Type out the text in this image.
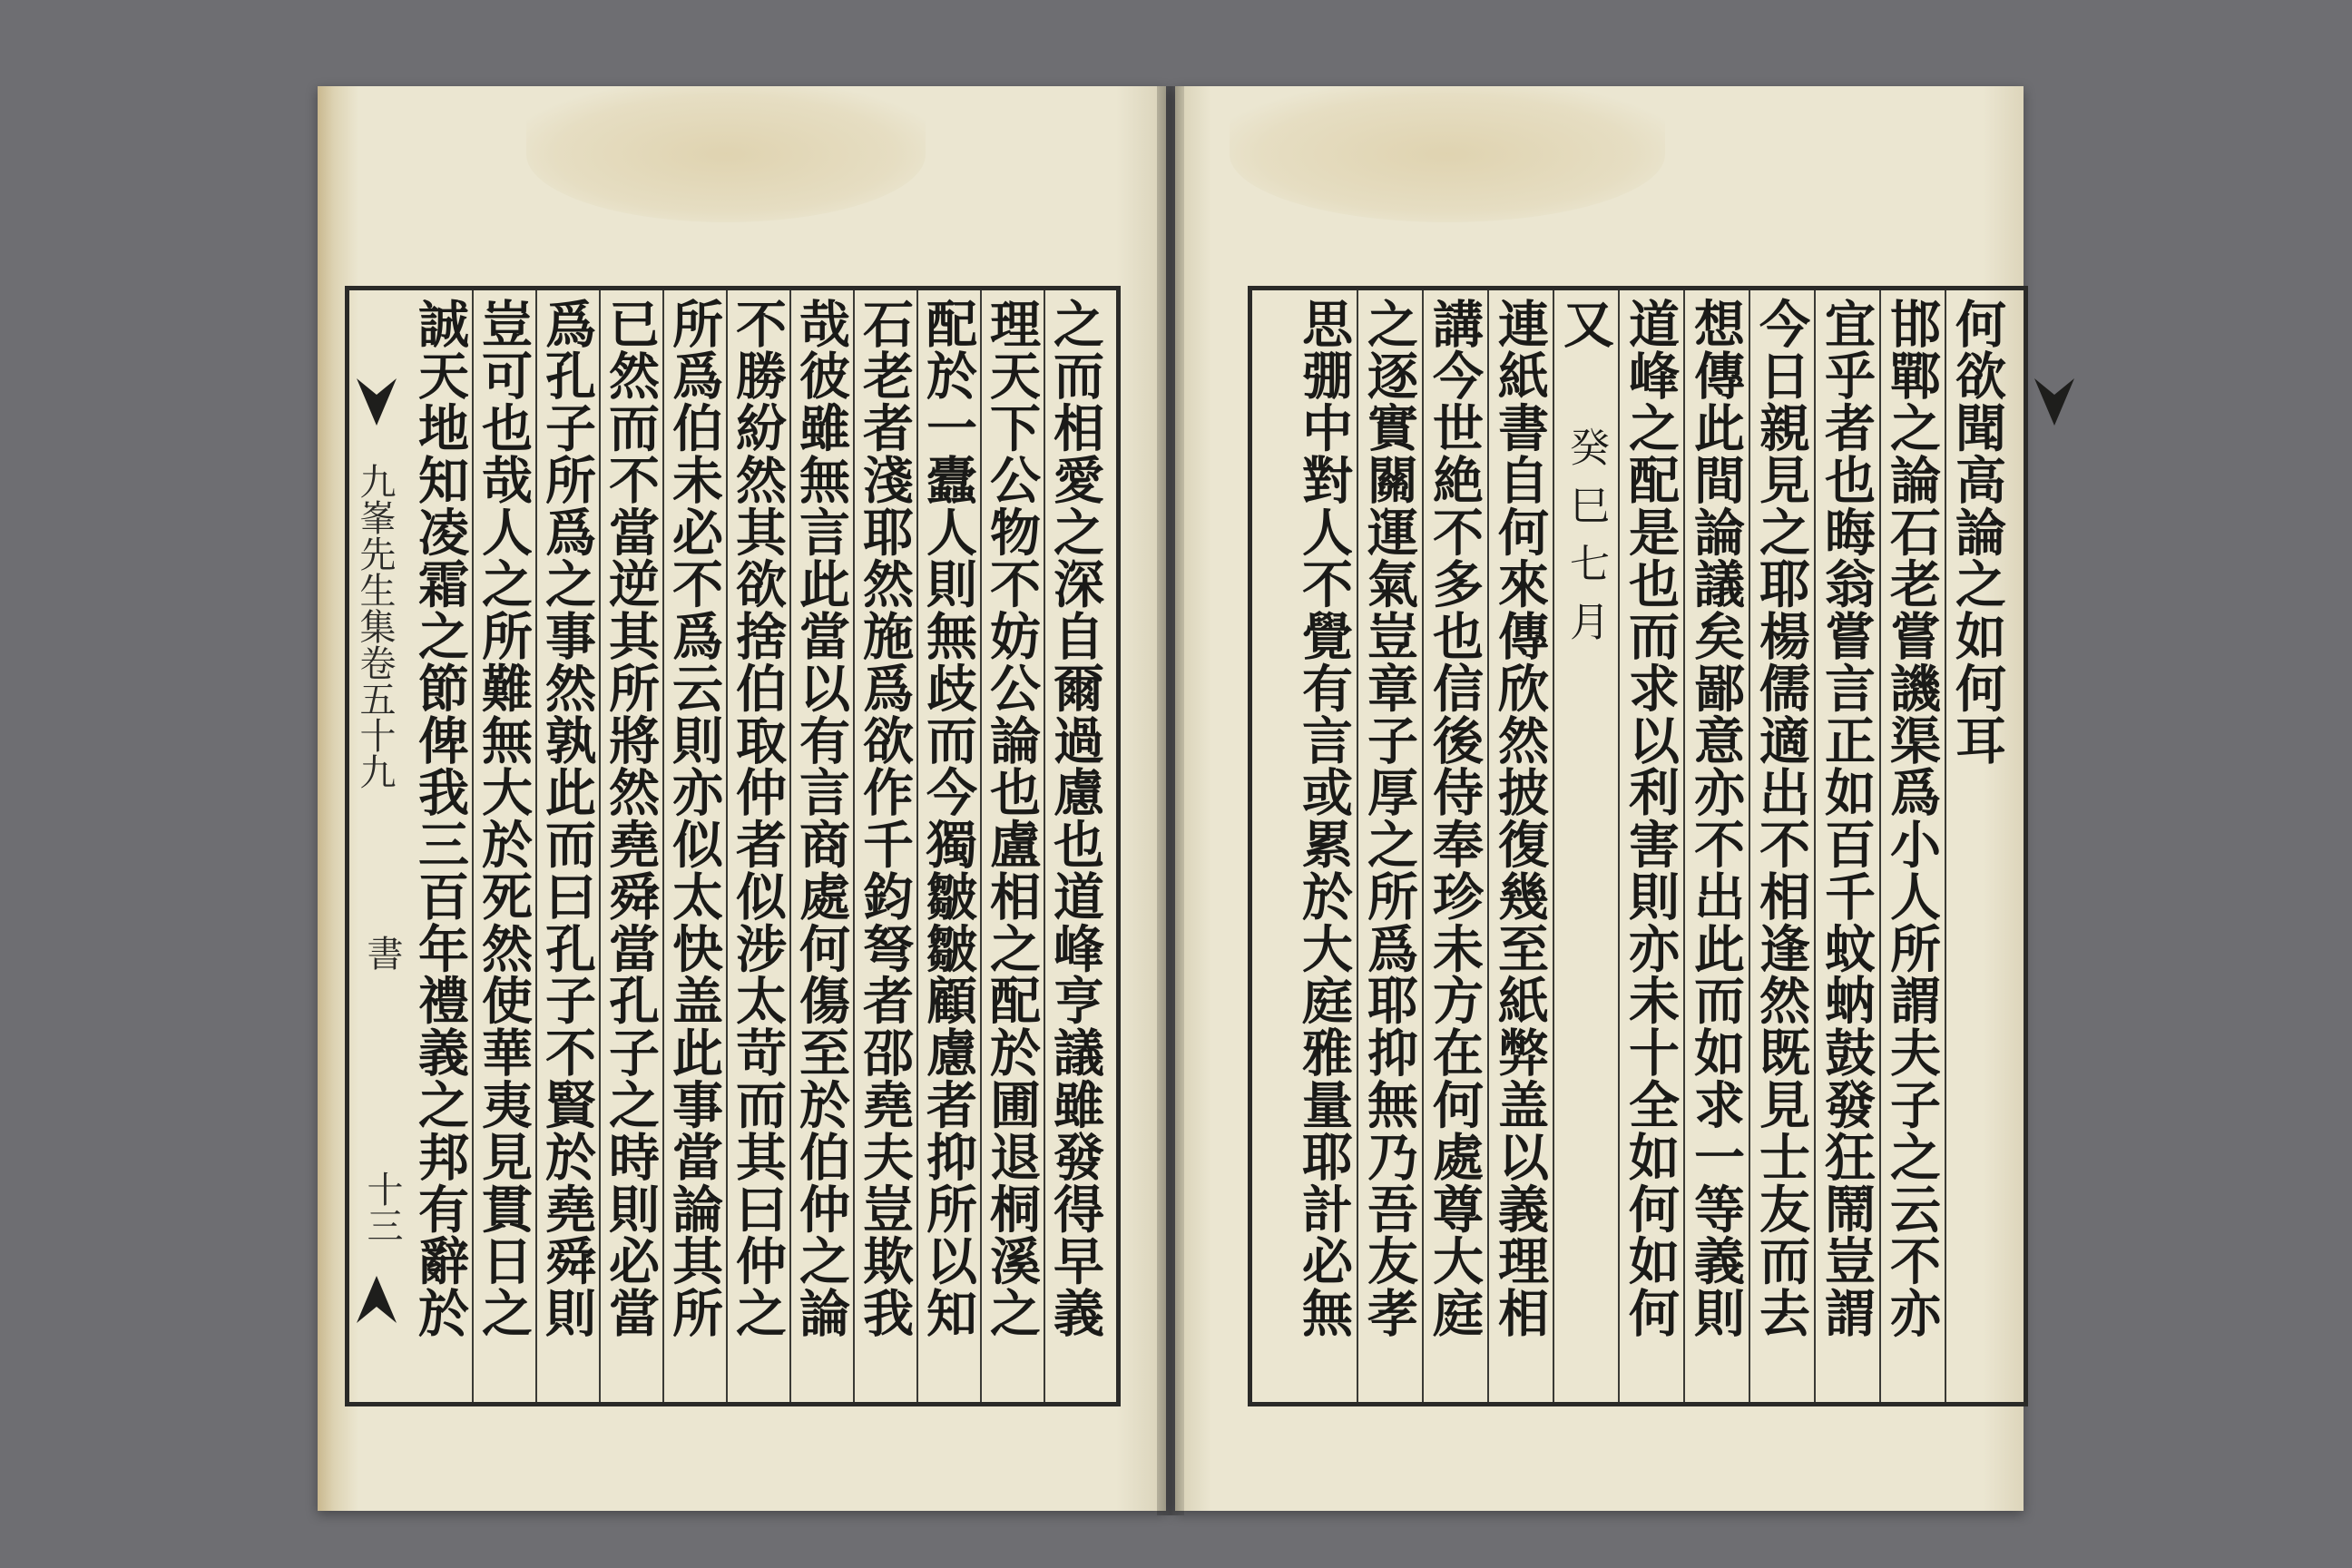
之而相愛之深自爾過慮也道峰亨議雖發得早義
理天下公物不妨公論也盧相之配於圃退桐溪之
配於一蠹人則無歧而今獨皺皺顧慮者抑所以知
石老者淺耶然施爲欲作千鈞弩者邵堯夫豈欺我
哉彼雖無言此當以有言商處何傷至於伯仲之論
不勝紛然其欲捨伯取仲者似涉太苛而其曰仲之
所爲伯未必不爲云則亦似太快盖此事當論其所
已然而不當逆其所將然堯舜當孔子之時則必當
爲孔子所爲之事然孰此而曰孔子不賢於堯舜則
豈可也哉人之所難無大於死然使華夷見貫日之
誠天地知凌霜之節俾我三百年禮義之邦有辭於
九峯先生集卷五十九
書
十三
何欲聞高論之如何耳
邯鄲之論石老嘗譏渠爲小人所謂夫子之云不亦
宜乎者也晦翁嘗言正如百千蚊蚋鼓發狂鬧豈謂
今日親見之耶楊儒適出不相逢然既見士友而去
想傳此間論議矣鄙意亦不出此而如求一等義則
道峰之配是也而求以利害則亦未十全如何如何
又
連紙書自何來傳欣然披復幾至紙弊盖以義理相
講今世絶不多也信後侍奉珍未方在何處尊大庭
之逐實關運氣豈章子厚之所爲耶抑無乃吾友孝
思弸中對人不覺有言或累於大庭雅量耶計必無	癸巳七月
